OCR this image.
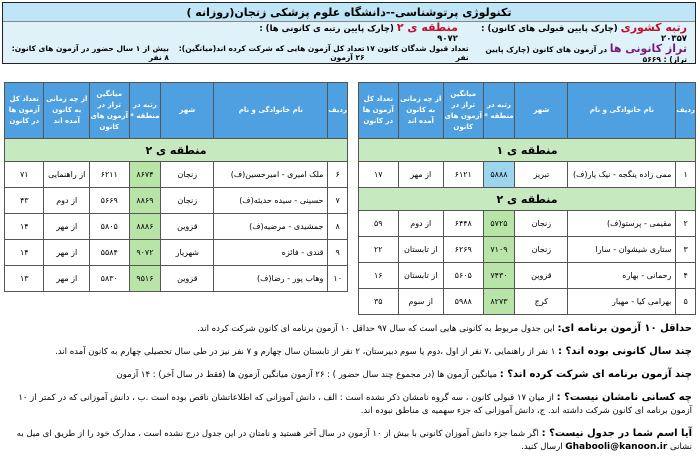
تکنولوژی پرتوشناسی--دانشگاه علوم پزشکی زنجان(روزانه )
رتبه کشوری (چارک پایین قبولی های کانون) : ۲۰۳۵۷
منطقه ی ۲ (چارک پایین رتبه ی کانونی ها) : ۹۰۷۲
تراز کانونی ها در آزمون های کانون (چارک پایین تراز) : ۵۶۶۹
تعداد قبول شدگان کانون ۱۷ نفر
تعداد کل آزمون هایی که شرکت کرده اند(میانگین): ۲۶ آزمون
بیش از ۱ سال حضور در آزمون های کانون: ۸ نفر
ردیف	نام خانوادگی و نام	شهر	رتبه در منطقه *	میانگین تراز در آزمون های کانون	از چه زمانی به کانون آمده اند	تعداد کل آزمون ها در کانون
منطقه ی ۱						
۱	ممی زاده ینگجه - نیک یار(ف)	تبریز	۵۸۸۸	۶۱۲۱	از مهر	۱۷
منطقه ی ۲						
۲	مقیمی - پرستو(ف)	زنجان	۵۷۲۵	۶۴۴۸	از دوم	۵۹
۳	ستاری شیشوان - سارا	زنجان	۷۱۰۹	۶۲۶۹	از تابستان	۲۲
۴	رحمانی - بهاره	قزوین	۷۴۳۰	۵۶۰۵	از تابستان	۱۶
۵	بهرامی کیا - مهیار	کرج	۸۲۷۳	۵۹۸۸	از سوم	۳۵
ردیف	نام خانوادگی و نام	شهر	رتبه در منطقه *	میانگین تراز در آزمون های کانون	از چه زمانی به کانون آمده اند	تعداد کل آزمون ها در کانون
منطقه ی ۲						
۶	ملک امیری - امیرحسین(ف)	زنجان	۸۶۷۴	۶۲۱۱	از راهنمایی	۷۱
۷	حسینی - سیده حدیثه(ف)	زنجان	۸۸۶۹	۵۶۶۹	از دوم	۴۳
۸	جمشیدی - مرضیه(ف)	قزوین	۸۸۸۶	۵۸۰۵	از مهر	۱۴
۹	قندی - فائزه	شهریار	۹۰۷۲	۵۵۸۴	از مهر	۱۴
۱۰	وهاب پور - رضا(ف)	قزوین	۹۵۱۶	۵۸۳۰	از مهر	۱۳

حداقل ۱۰ آزمون برنامه ای: این جدول مربوط به کانونی هایی است که سال ۹۷ حداقل ۱۰ آزمون برنامه ای کانون شرکت کرده اند.

چند سال کانونی بوده اند؟ : ۱ نفر از راهنمایی ،۷ نفر از اول ،دوم یا سوم دبیرستان، ۲ نفر از تابستان سال چهارم و ۷ نفر نیز در طی سال تحصیلی چهارم به کانون آمده اند.

چند آزمون برنامه ای شرکت کرده اند؟ : میانگین آزمون ها (در مجموع چند سال حضور ) : ۲۶ آزمون میانگین آزمون ها (فقط در سال آخر) : ۱۴ آزمون

چه کسانی نامشان نیست؟ : از میان ۱۷ قبولی کانون ، سه گروه نامشان ذکر نشده است : الف ، دانش آموزانی که اطلاعاتشان ناقص بوده است .ب ، دانش آموزانی که در کمتر از ۱۰ آزمون برنامه ای کانون شرکت داشته اند. ج، دانش آموزانی که جزء سهمیه ی مناطق نبوده اند.

آیا اسم شما در جدول نیست؟ : اگر شما جزء دانش آموزان کانونی با بیش از ۱۰ آزمون در سال آخر هستید و نامتان در این جدول درج نشده است ، مدارک خود را از طریق ای میل به نشانی Ghabooli@kanoon.ir ارسال کنید.
